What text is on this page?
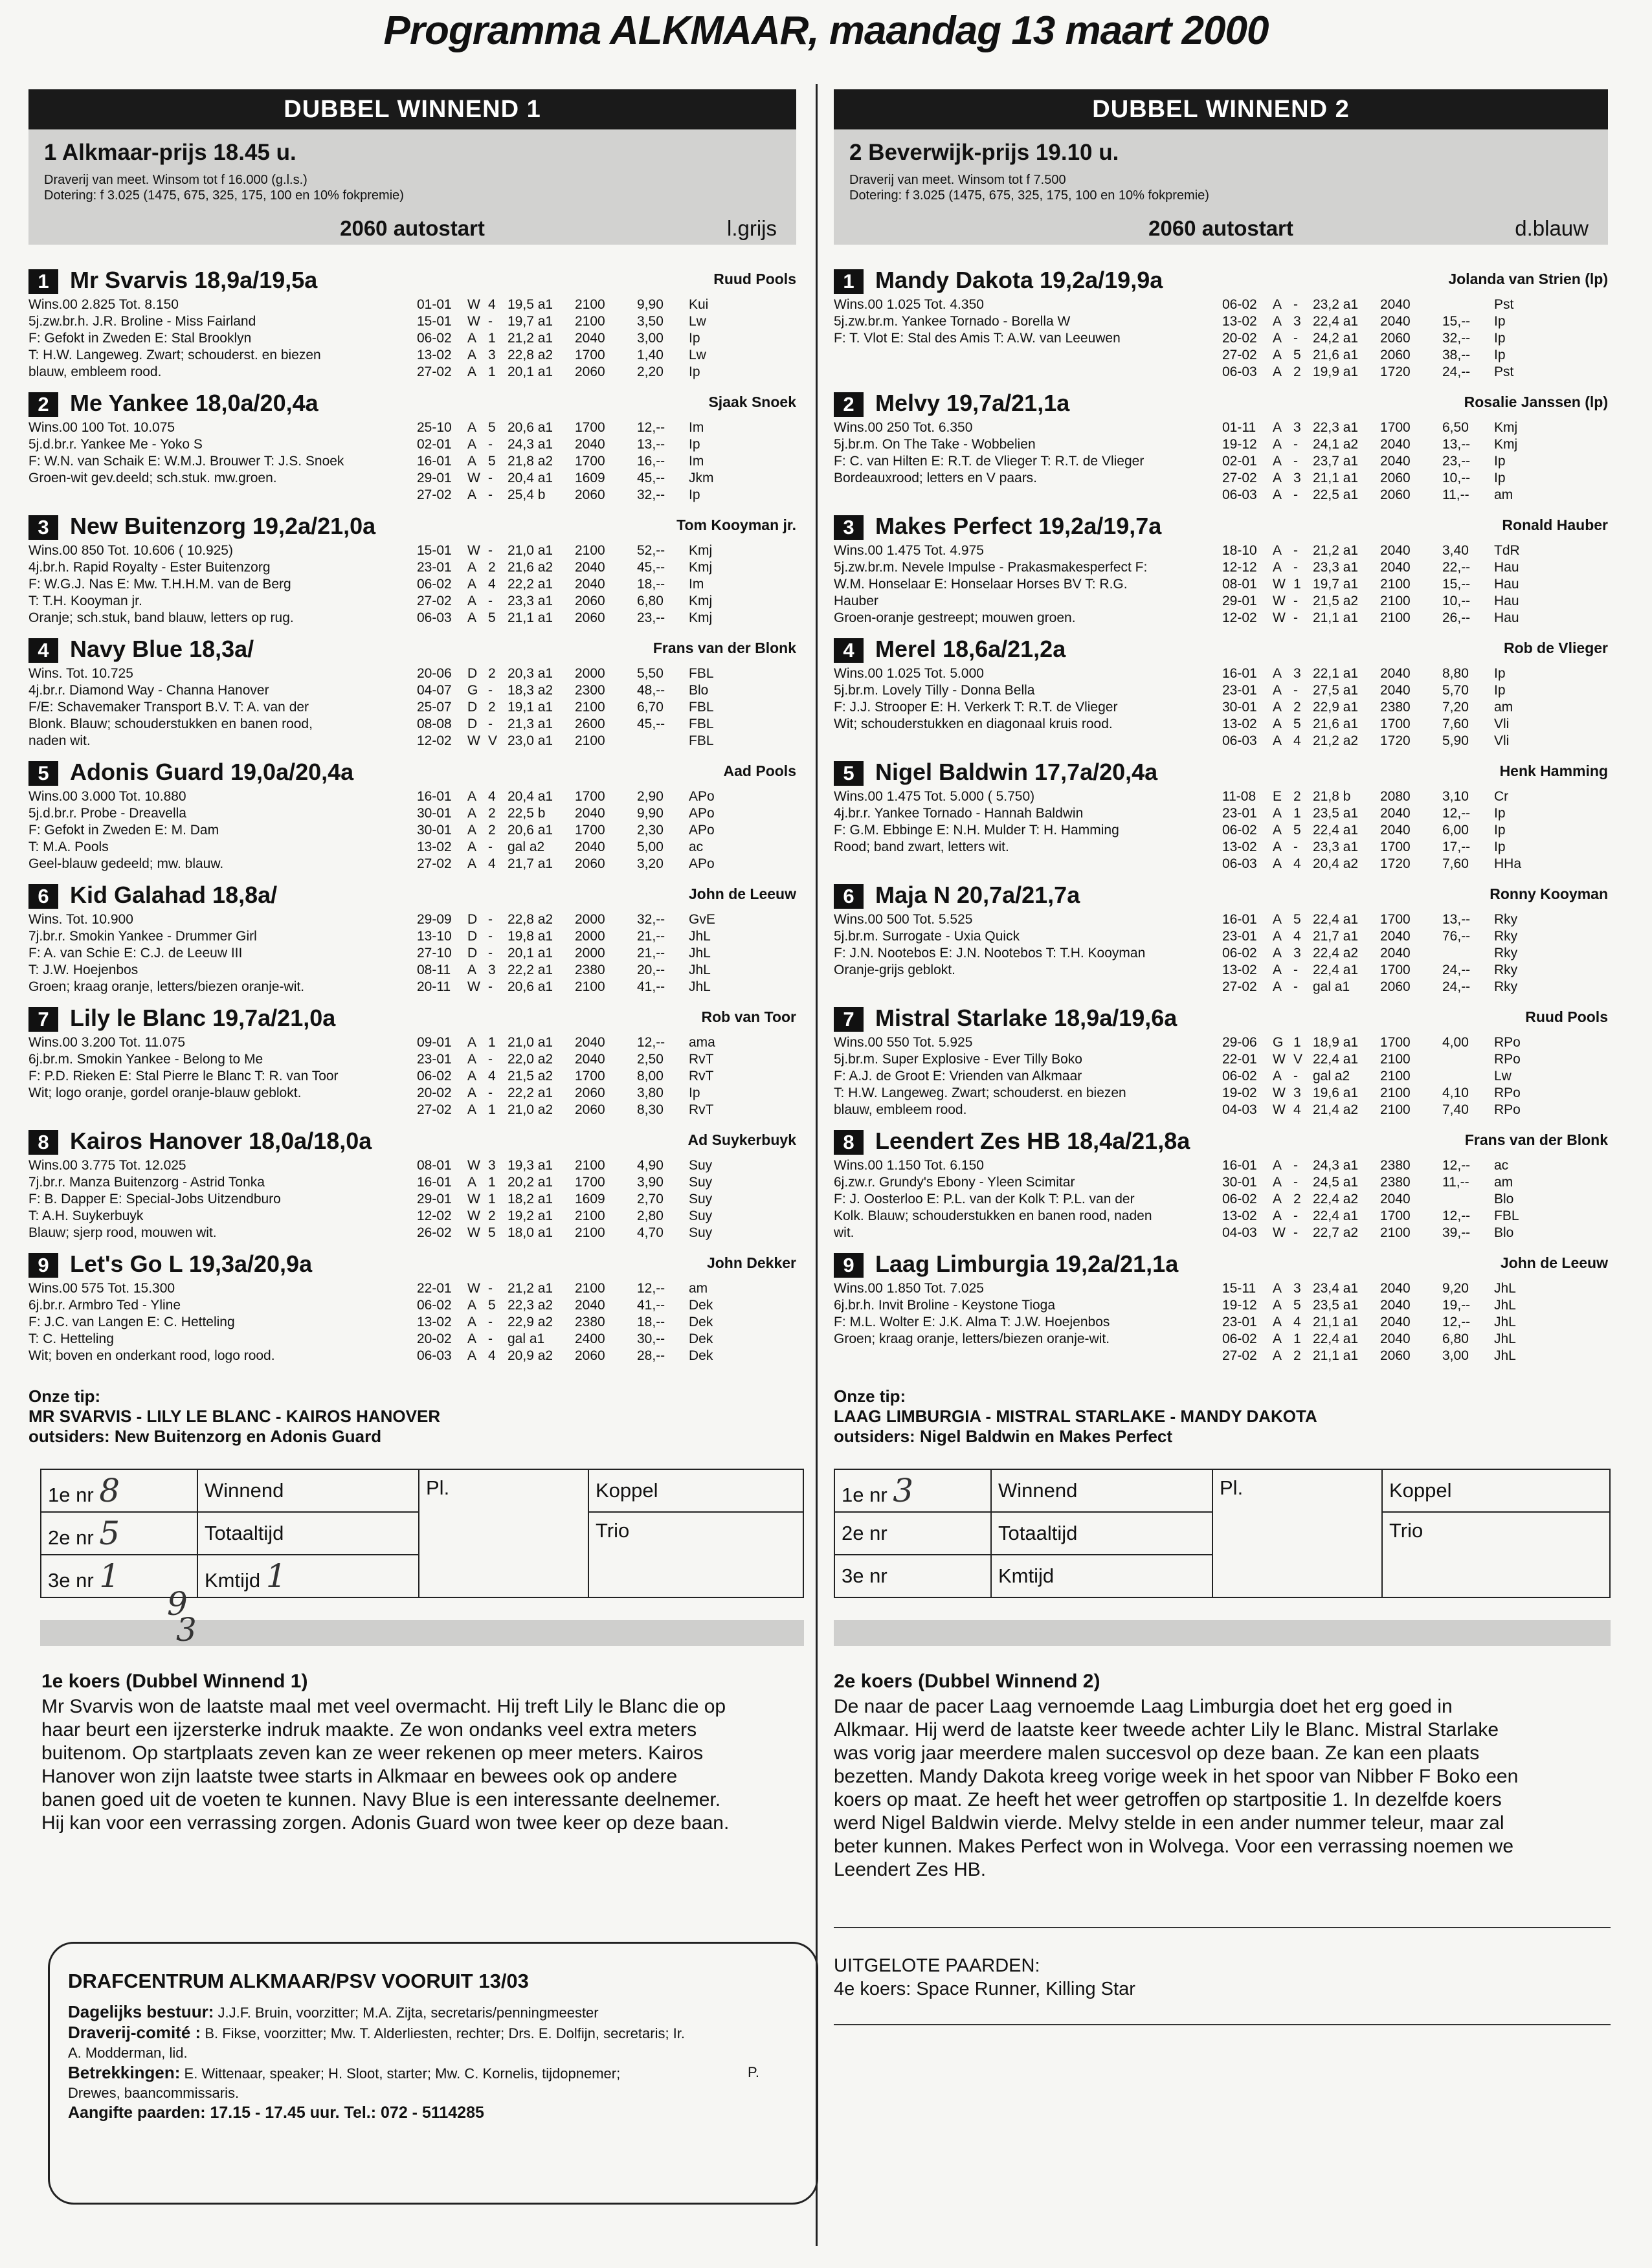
Programma ALKMAAR, maandag 13 maart 2000
DUBBEL WINNEND 1
1 Alkmaar-prijs 18.45 u.
Draverij van meet. Winsom tot f 16.000 (g.l.s.)
Dotering: f 3.025 (1475, 675, 325, 175, 100 en 10% fokpremie)
2060 autostart	l.grijs
1 Mr Svarvis 18,9a/19,5a	Ruud Pools
Wins.00 2.825 Tot. 8.150
5j.zw.br.h. J.R. Broline - Miss Fairland
F: Gefokt in Zweden E: Stal Brooklyn
T: H.W. Langeweg. Zwart; schouderst. en biezen
blauw, embleem rood.
01-01 W 4 19,5 a1 2100 9,90 Kui
15-01 W - 19,7 a1 2100 3,50 Lw
06-02 A 1 21,2 a1 2040 3,00 Ip
13-02 A 3 22,8 a2 1700 1,40 Lw
27-02 A 1 20,1 a1 2060 2,20 Ip
2 Me Yankee 18,0a/20,4a	Sjaak Snoek
Wins.00 100 Tot. 10.075
5j.d.br.r. Yankee Me - Yoko S
F: W.N. van Schaik E: W.M.J. Brouwer T: J.S. Snoek
Groen-wit gev.deeld; sch.stuk. mw.groen.
25-10 A 5 20,6 a1 1700 12,-- Im
02-01 A - 24,3 a1 2040 13,-- Ip
16-01 A 5 21,8 a2 1700 16,-- Im
29-01 W - 20,4 a1 1609 45,-- Jkm
27-02 A - 25,4 b 2060 32,-- Ip
3 New Buitenzorg 19,2a/21,0a	Tom Kooyman jr.
Wins.00 850 Tot. 10.606 ( 10.925)
4j.br.h. Rapid Royalty - Ester Buitenzorg
F: W.G.J. Nas E: Mw. T.H.H.M. van de Berg
T: T.H. Kooyman jr.
Oranje; sch.stuk, band blauw, letters op rug.
15-01 W - 21,0 a1 2100 52,-- Kmj
23-01 A 2 21,6 a2 2040 45,-- Kmj
06-02 A 4 22,2 a1 2040 18,-- Im
27-02 A - 23,3 a1 2060 6,80 Kmj
06-03 A 5 21,1 a1 2060 23,-- Kmj
4 Navy Blue 18,3a/	Frans van der Blonk
Wins. Tot. 10.725
4j.br.r. Diamond Way - Channa Hanover
F/E: Schavemaker Transport B.V. T: A. van der
Blonk. Blauw; schouderstukken en banen rood,
naden wit.
20-06 D 2 20,3 a1 2000 5,50 FBL
04-07 G - 18,3 a2 2300 48,-- Blo
25-07 D 2 19,1 a1 2100 6,70 FBL
08-08 D - 21,3 a1 2600 45,-- FBL
12-02 W V 23,0 a1 2100	FBL
5 Adonis Guard 19,0a/20,4a	Aad Pools
Wins.00 3.000 Tot. 10.880
5j.d.br.r. Probe - Dreavella
F: Gefokt in Zweden E: M. Dam
T: M.A. Pools
Geel-blauw gedeeld; mw. blauw.
16-01 A 4 20,4 a1 1700 2,90 APo
30-01 A 2 22,5 b 2040 9,90 APo
30-01 A 2 20,6 a1 1700 2,30 APo
13-02 A - gal a2 2040 5,00 ac
27-02 A 4 21,7 a1 2060 3,20 APo
6 Kid Galahad 18,8a/	John de Leeuw
Wins. Tot. 10.900
7j.br.r. Smokin Yankee - Drummer Girl
F: A. van Schie E: C.J. de Leeuw III
T: J.W. Hoejenbos
Groen; kraag oranje, letters/biezen oranje-wit.
29-09 D - 22,8 a2 2000 32,-- GvE
13-10 D - 19,8 a1 2000 21,-- JhL
27-10 D - 20,1 a1 2000 21,-- JhL
08-11 A 3 22,2 a1 2380 20,-- JhL
20-11 W - 20,6 a1 2100 41,-- JhL
7 Lily le Blanc 19,7a/21,0a	Rob van Toor
Wins.00 3.200 Tot. 11.075
6j.br.m. Smokin Yankee - Belong to Me
F: P.D. Rieken E: Stal Pierre le Blanc T: R. van Toor
Wit; logo oranje, gordel oranje-blauw geblokt.
09-01 A 1 21,0 a1 2040 12,-- ama
23-01 A - 22,0 a2 2040 2,50 RvT
06-02 A 4 21,5 a2 1700 8,00 RvT
20-02 A - 22,2 a1 2060 3,80 Ip
27-02 A 1 21,0 a2 2060 8,30 RvT
8 Kairos Hanover 18,0a/18,0a	Ad Suykerbuyk
Wins.00 3.775 Tot. 12.025
7j.br.r. Manza Buitenzorg - Astrid Tonka
F: B. Dapper E: Special-Jobs Uitzendburo
T: A.H. Suykerbuyk
Blauw; sjerp rood, mouwen wit.
08-01 W 3 19,3 a1 2100 4,90 Suy
16-01 A 1 20,2 a1 1700 3,90 Suy
29-01 W 1 18,2 a1 1609 2,70 Suy
12-02 W 2 19,2 a1 2100 2,80 Suy
26-02 W 5 18,0 a1 2100 4,70 Suy
9 Let's Go L 19,3a/20,9a	John Dekker
Wins.00 575 Tot. 15.300
6j.br.r. Armbro Ted - Yline
F: J.C. van Langen E: C. Hetteling
T: C. Hetteling
Wit; boven en onderkant rood, logo rood.
22-01 W - 21,2 a1 2100 12,-- am
06-02 A 5 22,3 a2 2040 41,-- Dek
13-02 A - 22,9 a2 2380 18,-- Dek
20-02 A - gal a1 2400 30,-- Dek
06-03 A 4 20,9 a2 2060 28,-- Dek
Onze tip:
MR SVARVIS - LILY LE BLANC - KAIROS HANOVER
outsiders: New Buitenzorg en Adonis Guard
1e nr 8	Winnend	Pl.	Koppel
2e nr 5	Totaaltijd		Trio
3e nr 1	Kmtijd 1		
9
3
1e koers (Dubbel Winnend 1)

Mr Svarvis won de laatste maal met veel overmacht. Hij treft Lily le Blanc die op
haar beurt een ijzersterke indruk maakte. Ze won ondanks veel extra meters
buitenom. Op startplaats zeven kan ze weer rekenen op meer meters. Kairos
Hanover won zijn laatste twee starts in Alkmaar en bewees ook op andere
banen goed uit de voeten te kunnen. Navy Blue is een interessante deelnemer.
Hij kan voor een verrassing zorgen. Adonis Guard won twee keer op deze baan.

DUBBEL WINNEND 2
2 Beverwijk-prijs 19.10 u.
Draverij van meet. Winsom tot f 7.500
Dotering: f 3.025 (1475, 675, 325, 175, 100 en 10% fokpremie)
2060 autostart	d.blauw
1 Mandy Dakota 19,2a/19,9a	Jolanda van Strien (lp)
Wins.00 1.025 Tot. 4.350
5j.zw.br.m. Yankee Tornado - Borella W
F: T. Vlot E: Stal des Amis T: A.W. van Leeuwen
06-02 A - 23,2 a1 2040	Pst
13-02 A 3 22,4 a1 2040 15,-- Ip
20-02 A - 24,2 a1 2060 32,-- Ip
27-02 A 5 21,6 a1 2060 38,-- Ip
06-03 A 2 19,9 a1 1720 24,-- Pst
2 Melvy 19,7a/21,1a	Rosalie Janssen (lp)
Wins.00 250 Tot. 6.350
5j.br.m. On The Take - Wobbelien
F: C. van Hilten E: R.T. de Vlieger T: R.T. de Vlieger
Bordeauxrood; letters en V paars.
01-11 A 3 22,3 a1 1700 6,50 Kmj
19-12 A - 24,1 a2 2040 13,-- Kmj
02-01 A - 23,7 a1 2040 23,-- Ip
27-02 A 3 21,1 a1 2060 10,-- Ip
06-03 A - 22,5 a1 2060 11,-- am
3 Makes Perfect 19,2a/19,7a	Ronald Hauber
Wins.00 1.475 Tot. 4.975
5j.zw.br.m. Nevele Impulse - Prakasmakesperfect F:
W.M. Honselaar E: Honselaar Horses BV T: R.G.
Hauber
Groen-oranje gestreept; mouwen groen.
18-10 A - 21,2 a1 2040 3,40 TdR
12-12 A - 23,3 a1 2040 22,-- Hau
08-01 W 1 19,7 a1 2100 15,-- Hau
29-01 W - 21,5 a2 2100 10,-- Hau
12-02 W - 21,1 a1 2100 26,-- Hau
4 Merel 18,6a/21,2a	Rob de Vlieger
Wins.00 1.025 Tot. 5.000
5j.br.m. Lovely Tilly - Donna Bella
F: J.J. Strooper E: H. Verkerk T: R.T. de Vlieger
Wit; schouderstukken en diagonaal kruis rood.
16-01 A 3 22,1 a1 2040 8,80 Ip
23-01 A - 27,5 a1 2040 5,70 Ip
30-01 A 2 22,9 a1 2380 7,20 am
13-02 A 5 21,6 a1 1700 7,60 Vli
06-03 A 4 21,2 a2 1720 5,90 Vli
5 Nigel Baldwin 17,7a/20,4a	Henk Hamming
Wins.00 1.475 Tot. 5.000 ( 5.750)
4j.br.r. Yankee Tornado - Hannah Baldwin
F: G.M. Ebbinge E: N.H. Mulder T: H. Hamming
Rood; band zwart, letters wit.
11-08 E 2 21,8 b 2080 3,10 Cr
23-01 A 1 23,5 a1 2040 12,-- Ip
06-02 A 5 22,4 a1 2040 6,00 Ip
13-02 A - 23,3 a1 1700 17,-- Ip
06-03 A 4 20,4 a2 1720 7,60 HHa
6 Maja N 20,7a/21,7a	Ronny Kooyman
Wins.00 500 Tot. 5.525
5j.br.m. Surrogate - Uxia Quick
F: J.N. Nootebos E: J.N. Nootebos T: T.H. Kooyman
Oranje-grijs geblokt.
16-01 A 5 22,4 a1 1700 13,-- Rky
23-01 A 4 21,7 a1 2040 76,-- Rky
06-02 A 3 22,4 a2 2040	Rky
13-02 A - 22,4 a1 1700 24,-- Rky
27-02 A - gal a1 2060 24,-- Rky
7 Mistral Starlake 18,9a/19,6a	Ruud Pools
Wins.00 550 Tot. 5.925
5j.br.m. Super Explosive - Ever Tilly Boko
F: A.J. de Groot E: Vrienden van Alkmaar
T: H.W. Langeweg. Zwart; schouderst. en biezen
blauw, embleem rood.
29-06 G 1 18,9 a1 1700 4,00 RPo
22-01 W V 22,4 a1 2100	RPo
06-02 A - gal a2 2100	Lw
19-02 W 3 19,6 a1 2100 4,10 RPo
04-03 W 4 21,4 a2 2100 7,40 RPo
8 Leendert Zes HB 18,4a/21,8a	Frans van der Blonk
Wins.00 1.150 Tot. 6.150
6j.zw.r. Grundy's Ebony - Yleen Scimitar
F: J. Oosterloo E: P.L. van der Kolk T: P.L. van der
Kolk. Blauw; schouderstukken en banen rood, naden
wit.
16-01 A - 24,3 a1 2380 12,-- ac
30-01 A - 24,5 a1 2380 11,-- am
06-02 A 2 22,4 a2 2040	Blo
13-02 A - 22,4 a1 1700 12,-- FBL
04-03 W - 22,7 a2 2100 39,-- Blo
9 Laag Limburgia 19,2a/21,1a	John de Leeuw
Wins.00 1.850 Tot. 7.025
6j.br.h. Invit Broline - Keystone Tioga
F: M.L. Wolter E: J.K. Alma T: J.W. Hoejenbos
Groen; kraag oranje, letters/biezen oranje-wit.
15-11 A 3 23,4 a1 2040 9,20 JhL
19-12 A 5 23,5 a1 2040 19,-- JhL
23-01 A 4 21,1 a1 2040 12,-- JhL
06-02 A 1 22,4 a1 2040 6,80 JhL
27-02 A 2 21,1 a1 2060 3,00 JhL
Onze tip:
LAAG LIMBURGIA - MISTRAL STARLAKE - MANDY DAKOTA
outsiders: Nigel Baldwin en Makes Perfect
1e nr 3	Winnend	Pl.	Koppel
2e nr	Totaaltijd		Trio
3e nr	Kmtijd		
2e koers (Dubbel Winnend 2)

De naar de pacer Laag vernoemde Laag Limburgia doet het erg goed in
Alkmaar. Hij werd de laatste keer tweede achter Lily le Blanc. Mistral Starlake
was vorig jaar meerdere malen succesvol op deze baan. Ze kan een plaats
bezetten. Mandy Dakota kreeg vorige week in het spoor van Nibber F Boko een
koers op maat. Ze heeft het weer getroffen op startpositie 1. In dezelfde koers
werd Nigel Baldwin vierde. Melvy stelde in een ander nummer teleur, maar zal
beter kunnen. Makes Perfect won in Wolvega. Voor een verrassing noemen we
Leendert Zes HB.

UITGELOTE PAARDEN:
4e koers: Space Runner, Killing Star
DRAFCENTRUM ALKMAAR/PSV VOORUIT 13/03
Dagelijks bestuur: J.J.F. Bruin, voorzitter; M.A. Zijta, secretaris/penningmeester
Draverij-comité : B. Fikse, voorzitter; Mw. T. Alderliesten, rechter; Drs. E. Dolfijn, secretaris; Ir.
A. Modderman, lid.
Betrekkingen: E. Wittenaar, speaker; H. Sloot, starter; Mw. C. Kornelis, tijdopnemer;	P.
Drewes, baancommissaris.
Aangifte paarden: 17.15 - 17.45 uur. Tel.: 072 - 5114285
